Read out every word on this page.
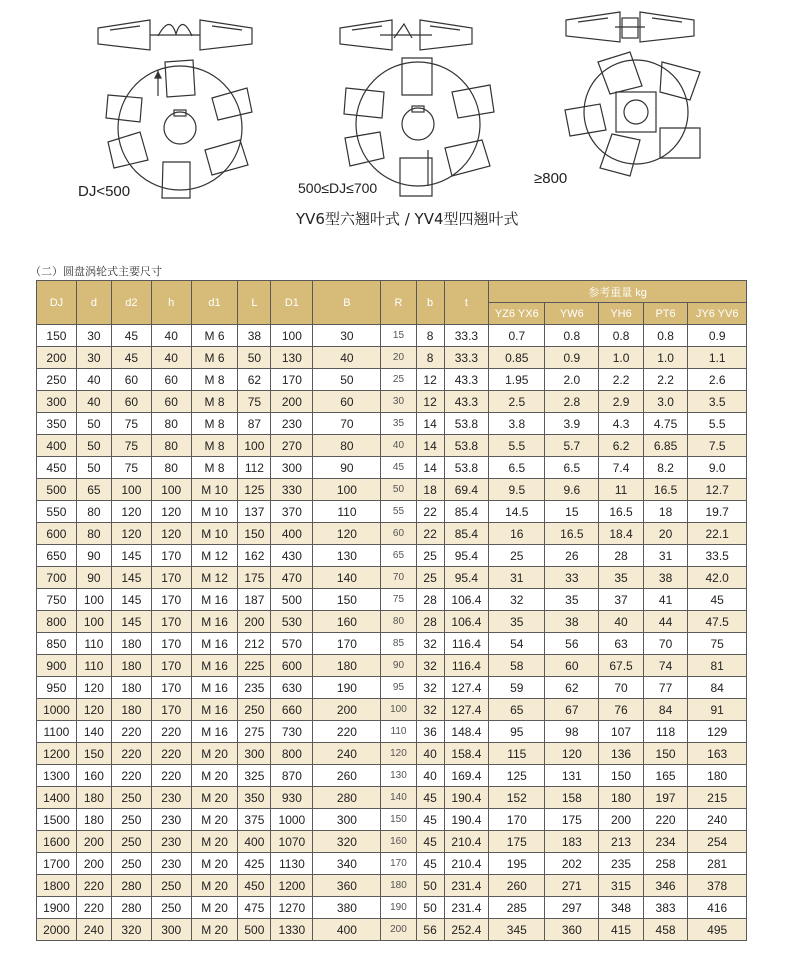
DJ<500	500≤DJ≤700
≥800
YV6型六翘叶式 / YV4型四翘叶式
（二）圆盘涡轮式主要尺寸
DJ	d	d2	h	d1	L	D1	B	R	b	t	参考重量 kg				
											YZ6 YX6	YW6	YH6	PT6	JY6 YV6
150	30	45	40	M 6	38	100	30	15	8	33.3	0.7	0.8	0.8	0.8	0.9
200	30	45	40	M 6	50	130	40	20	8	33.3	0.85	0.9	1.0	1.0	1.1
250	40	60	60	M 8	62	170	50	25	12	43.3	1.95	2.0	2.2	2.2	2.6
300	40	60	60	M 8	75	200	60	30	12	43.3	2.5	2.8	2.9	3.0	3.5
350	50	75	80	M 8	87	230	70	35	14	53.8	3.8	3.9	4.3	4.75	5.5
400	50	75	80	M 8	100	270	80	40	14	53.8	5.5	5.7	6.2	6.85	7.5
450	50	75	80	M 8	112	300	90	45	14	53.8	6.5	6.5	7.4	8.2	9.0
500	65	100	100	M 10	125	330	100	50	18	69.4	9.5	9.6	11	16.5	12.7
550	80	120	120	M 10	137	370	110	55	22	85.4	14.5	15	16.5	18	19.7
600	80	120	120	M 10	150	400	120	60	22	85.4	16	16.5	18.4	20	22.1
650	90	145	170	M 12	162	430	130	65	25	95.4	25	26	28	31	33.5
700	90	145	170	M 12	175	470	140	70	25	95.4	31	33	35	38	42.0
750	100	145	170	M 16	187	500	150	75	28	106.4	32	35	37	41	45
800	100	145	170	M 16	200	530	160	80	28	106.4	35	38	40	44	47.5
850	110	180	170	M 16	212	570	170	85	32	116.4	54	56	63	70	75
900	110	180	170	M 16	225	600	180	90	32	116.4	58	60	67.5	74	81
950	120	180	170	M 16	235	630	190	95	32	127.4	59	62	70	77	84
1000	120	180	170	M 16	250	660	200	100	32	127.4	65	67	76	84	91
1100	140	220	220	M 16	275	730	220	110	36	148.4	95	98	107	118	129
1200	150	220	220	M 20	300	800	240	120	40	158.4	115	120	136	150	163
1300	160	220	220	M 20	325	870	260	130	40	169.4	125	131	150	165	180
1400	180	250	230	M 20	350	930	280	140	45	190.4	152	158	180	197	215
1500	180	250	230	M 20	375	1000	300	150	45	190.4	170	175	200	220	240
1600	200	250	230	M 20	400	1070	320	160	45	210.4	175	183	213	234	254
1700	200	250	230	M 20	425	1130	340	170	45	210.4	195	202	235	258	281
1800	220	280	250	M 20	450	1200	360	180	50	231.4	260	271	315	346	378
1900	220	280	250	M 20	475	1270	380	190	50	231.4	285	297	348	383	416
2000	240	320	300	M 20	500	1330	400	200	56	252.4	345	360	415	458	495
